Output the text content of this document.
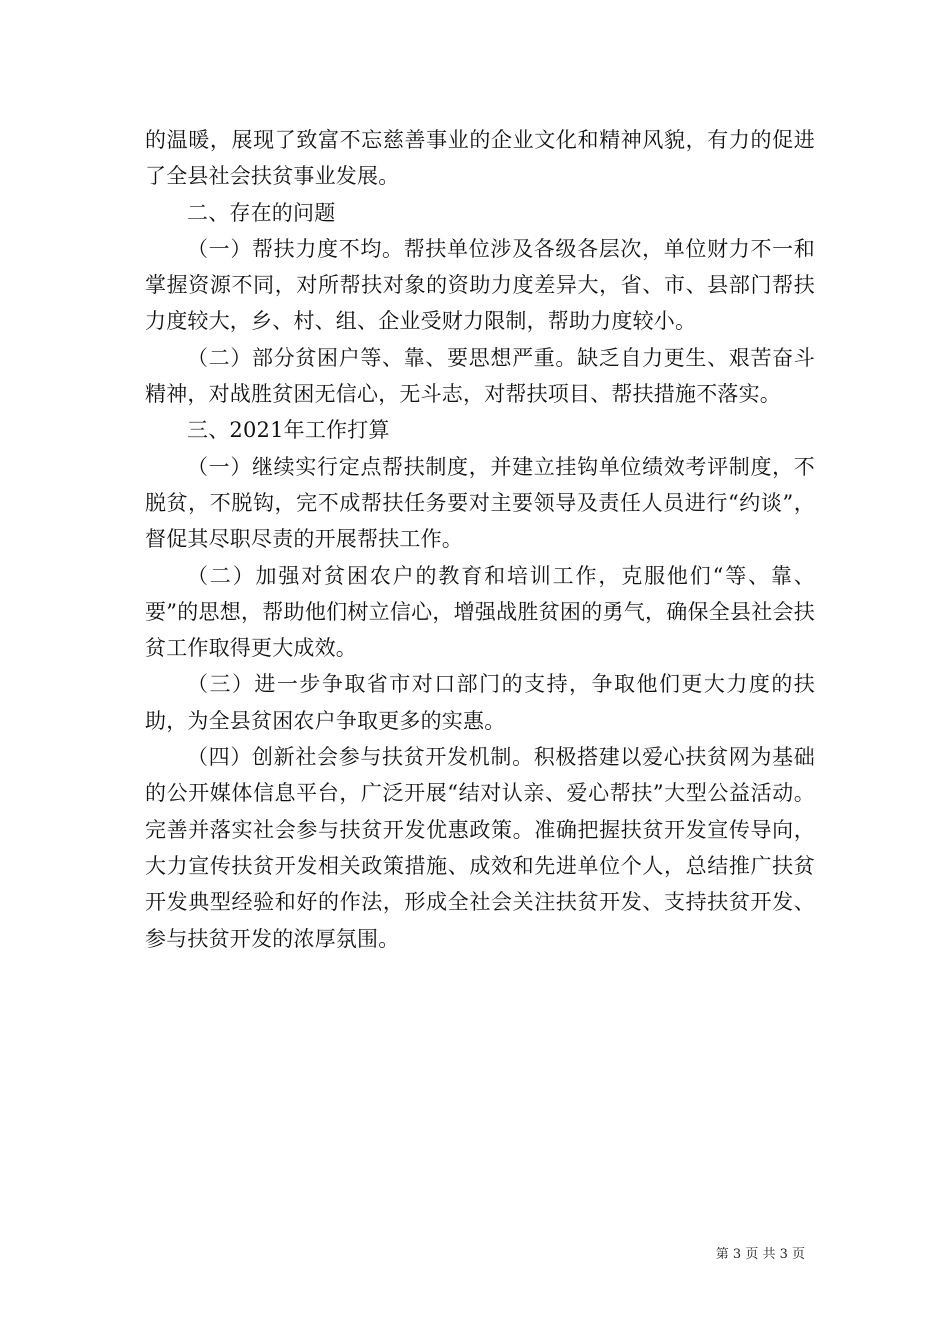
的温暖，展现了致富不忘慈善事业的企业文化和精神风貌，有力的促进了全县社会扶贫事业发展。

二、存在的问题

（一）帮扶力度不均。帮扶单位涉及各级各层次，单位财力不一和掌握资源不同，对所帮扶对象的资助力度差异大，省、市、县部门帮扶力度较大，乡、村、组、企业受财力限制，帮助力度较小。

（二）部分贫困户等、靠、要思想严重。缺乏自力更生、艰苦奋斗精神，对战胜贫困无信心，无斗志，对帮扶项目、帮扶措施不落实。

三、2021年工作打算

（一）继续实行定点帮扶制度，并建立挂钩单位绩效考评制度，不脱贫，不脱钩，完不成帮扶任务要对主要领导及责任人员进行“约谈”，督促其尽职尽责的开展帮扶工作。

（二）加强对贫困农户的教育和培训工作，克服他们“等、靠、要”的思想，帮助他们树立信心，增强战胜贫困的勇气，确保全县社会扶贫工作取得更大成效。

（三）进一步争取省市对口部门的支持，争取他们更大力度的扶助，为全县贫困农户争取更多的实惠。

（四）创新社会参与扶贫开发机制。积极搭建以爱心扶贫网为基础的公开媒体信息平台，广泛开展“结对认亲、爱心帮扶”大型公益活动。完善并落实社会参与扶贫开发优惠政策。准确把握扶贫开发宣传导向，大力宣传扶贫开发相关政策措施、成效和先进单位个人，总结推广扶贫开发典型经验和好的作法，形成全社会关注扶贫开发、支持扶贫开发、参与扶贫开发的浓厚氛围。

第 3 页 共 3 页
